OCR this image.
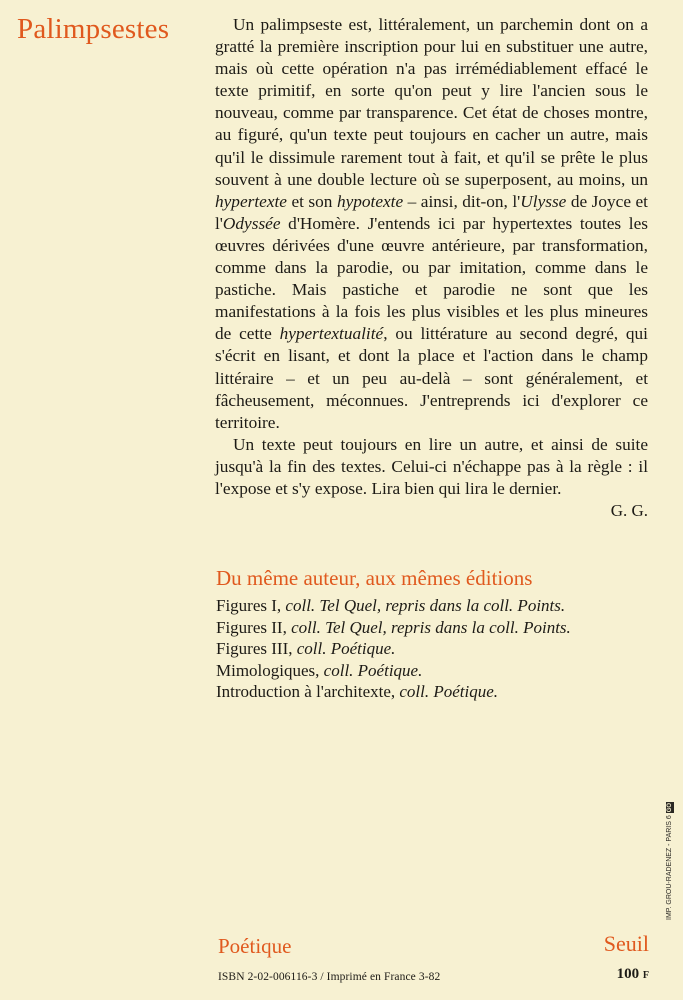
Palimpsestes	Un palimpseste est, littéralement, un parchemin dont on a gratté la première inscription pour lui en substituer une autre, mais où cette opération n'a pas irrémédiablement effacé le texte primitif, en sorte qu'on peut y lire l'ancien sous le nouveau, comme par transparence. Cet état de choses montre, au figuré, qu'un texte peut toujours en cacher un autre, mais qu'il le dissimule rarement tout à fait, et qu'il se prête le plus souvent à une double lecture où se superposent, au moins, un hypertexte et son hypotexte – ainsi, dit-on, l'Ulysse de Joyce et l'Odyssée d'Homère. J'entends ici par hypertextes toutes les œuvres dérivées d'une œuvre antérieure, par transformation, comme dans la parodie, ou par imitation, comme dans le pastiche. Mais pastiche et parodie ne sont que les manifestations à la fois les plus visibles et les plus mineures de cette hypertextualité, ou littérature au second degré, qui s'écrit en lisant, et dont la place et l'action dans le champ littéraire – et un peu au-delà – sont généralement, et fâcheusement, méconnues. J'entreprends ici d'explorer ce territoire.

Un texte peut toujours en lire un autre, et ainsi de suite jusqu'à la fin des textes. Celui-ci n'échappe pas à la règle : il l'expose et s'y expose. Lira bien qui lira le dernier.

G. G.
Du même auteur, aux mêmes éditions
Figures I, coll. Tel Quel, repris dans la coll. Points.
Figures II, coll. Tel Quel, repris dans la coll. Points.
Figures III, coll. Poétique.
Mimologiques, coll. Poétique.
Introduction à l'architexte, coll. Poétique.
Poétique	Seuil
ISBN 2-02-006116-3 / Imprimé en France 3-82	100 F
IMP. GROU-RADENEZ - PARIS 6GO
